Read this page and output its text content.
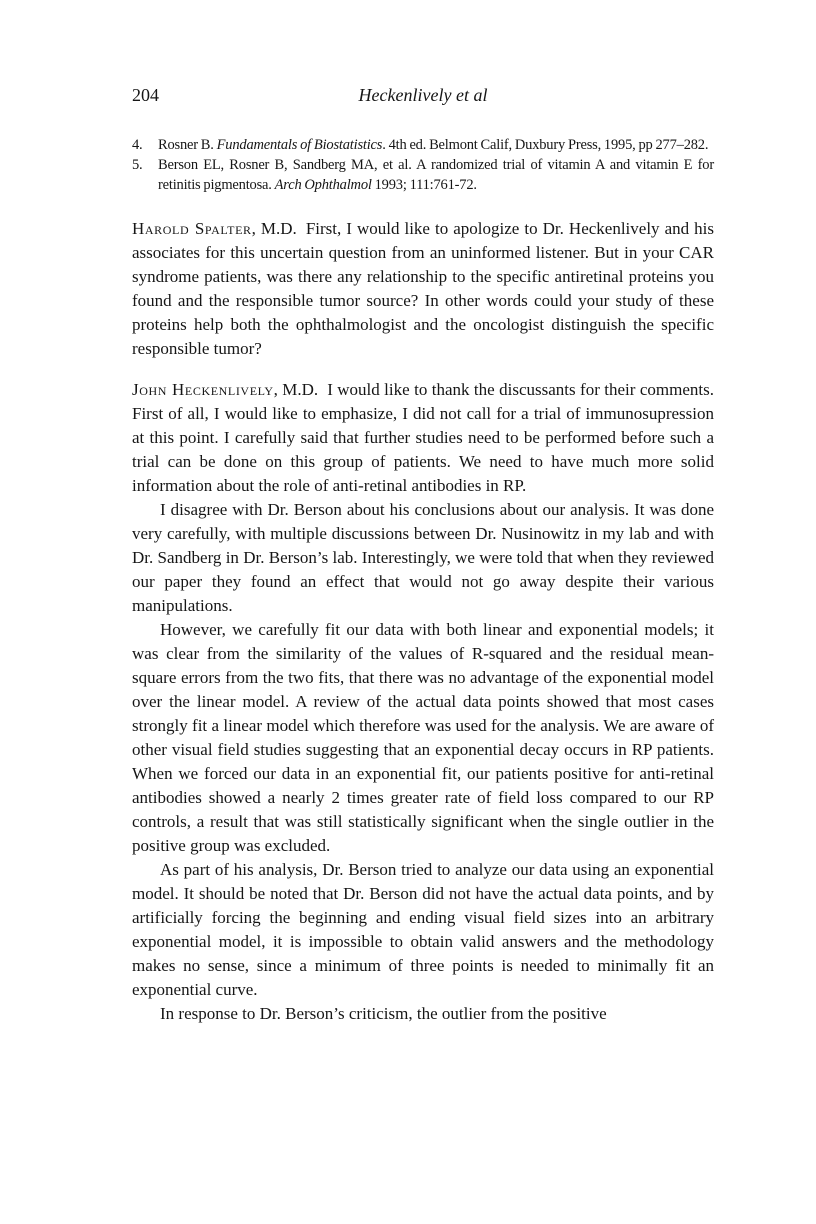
204	Heckenlively et al
4.	Rosner B. Fundamentals of Biostatistics. 4th ed. Belmont Calif, Duxbury Press, 1995, pp 277–282.
5.	Berson EL, Rosner B, Sandberg MA, et al. A randomized trial of vitamin A and vitamin E for retinitis pigmentosa. Arch Ophthalmol 1993; 111:761-72.

Harold Spalter, M.D. First, I would like to apologize to Dr. Heckenlively and his associates for this uncertain question from an uninformed listener. But in your CAR syndrome patients, was there any relationship to the specific antiretinal proteins you found and the responsible tumor source? In other words could your study of these proteins help both the ophthalmologist and the oncologist distinguish the specific responsible tumor?

John Heckenlively, M.D. I would like to thank the discussants for their comments. First of all, I would like to emphasize, I did not call for a trial of immunosupression at this point. I carefully said that further studies need to be performed before such a trial can be done on this group of patients. We need to have much more solid information about the role of anti-retinal antibodies in RP.

I disagree with Dr. Berson about his conclusions about our analysis. It was done very carefully, with multiple discussions between Dr. Nusinowitz in my lab and with Dr. Sandberg in Dr. Berson’s lab. Interestingly, we were told that when they reviewed our paper they found an effect that would not go away despite their various manipulations.

However, we carefully fit our data with both linear and exponential models; it was clear from the similarity of the values of R-squared and the residual mean-square errors from the two fits, that there was no advantage of the exponential model over the linear model. A review of the actual data points showed that most cases strongly fit a linear model which therefore was used for the analysis. We are aware of other visual field studies suggesting that an exponential decay occurs in RP patients. When we forced our data in an exponential fit, our patients positive for anti-retinal antibodies showed a nearly 2 times greater rate of field loss compared to our RP controls, a result that was still statistically significant when the single outlier in the positive group was excluded.

As part of his analysis, Dr. Berson tried to analyze our data using an exponential model. It should be noted that Dr. Berson did not have the actual data points, and by artificially forcing the beginning and ending visual field sizes into an arbitrary exponential model, it is impossible to obtain valid answers and the methodology makes no sense, since a minimum of three points is needed to minimally fit an exponential curve.

In response to Dr. Berson’s criticism, the outlier from the positive
